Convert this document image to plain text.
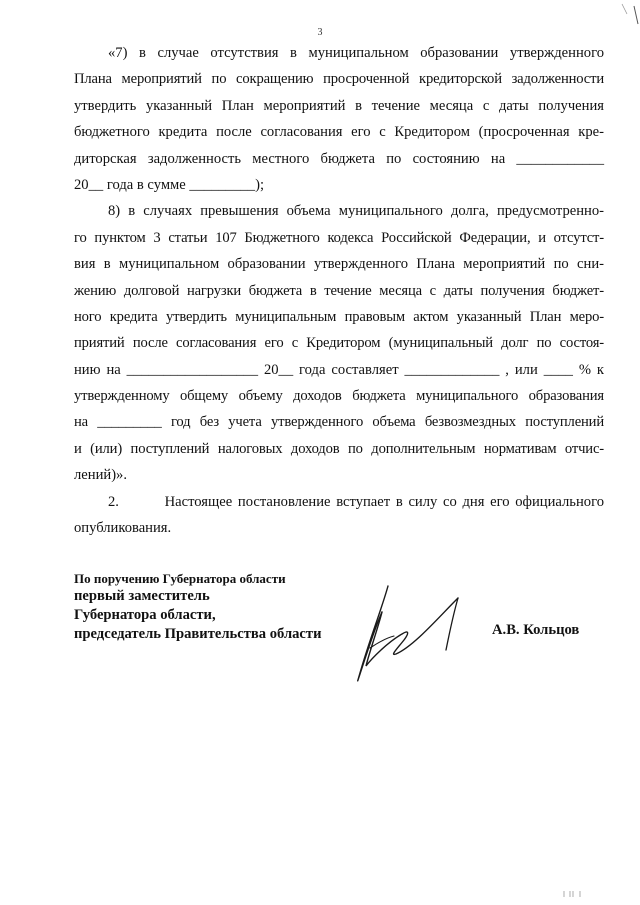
3
«7) в случае отсутствия в муниципальном образовании утвержденного
Плана мероприятий по сокращению просроченной кредиторской задолженности
утвердить указанный План мероприятий в течение месяца с даты получения
бюджетного кредита после согласования его с Кредитором (просроченная кре-
диторская задолженность местного бюджета по состоянию на ____________
20__ года в сумме _________);
8) в случаях превышения объема муниципального долга, предусмотренно-
го пунктом 3 статьи 107 Бюджетного кодекса Российской Федерации, и отсутст-
вия в муниципальном образовании утвержденного Плана мероприятий по сни-
жению долговой нагрузки бюджета в течение месяца с даты получения бюджет-
ного кредита утвердить муниципальным правовым актом указанный План меро-
приятий после согласования его с Кредитором (муниципальный долг по состоя-
нию на __________________ 20__ года составляет _____________ , или ____ % к
утвержденному общему объему доходов бюджета муниципального образования
на _________ год без учета утвержденного объема безвозмездных поступлений
и (или) поступлений налоговых доходов по дополнительным нормативам отчис-
лений)».
2.        Настоящее постановление вступает в силу со дня его официального
опубликования.
По поручению Губернатора области
первый заместитель
Губернатора области,
председатель Правительства области	А.В. Кольцов
